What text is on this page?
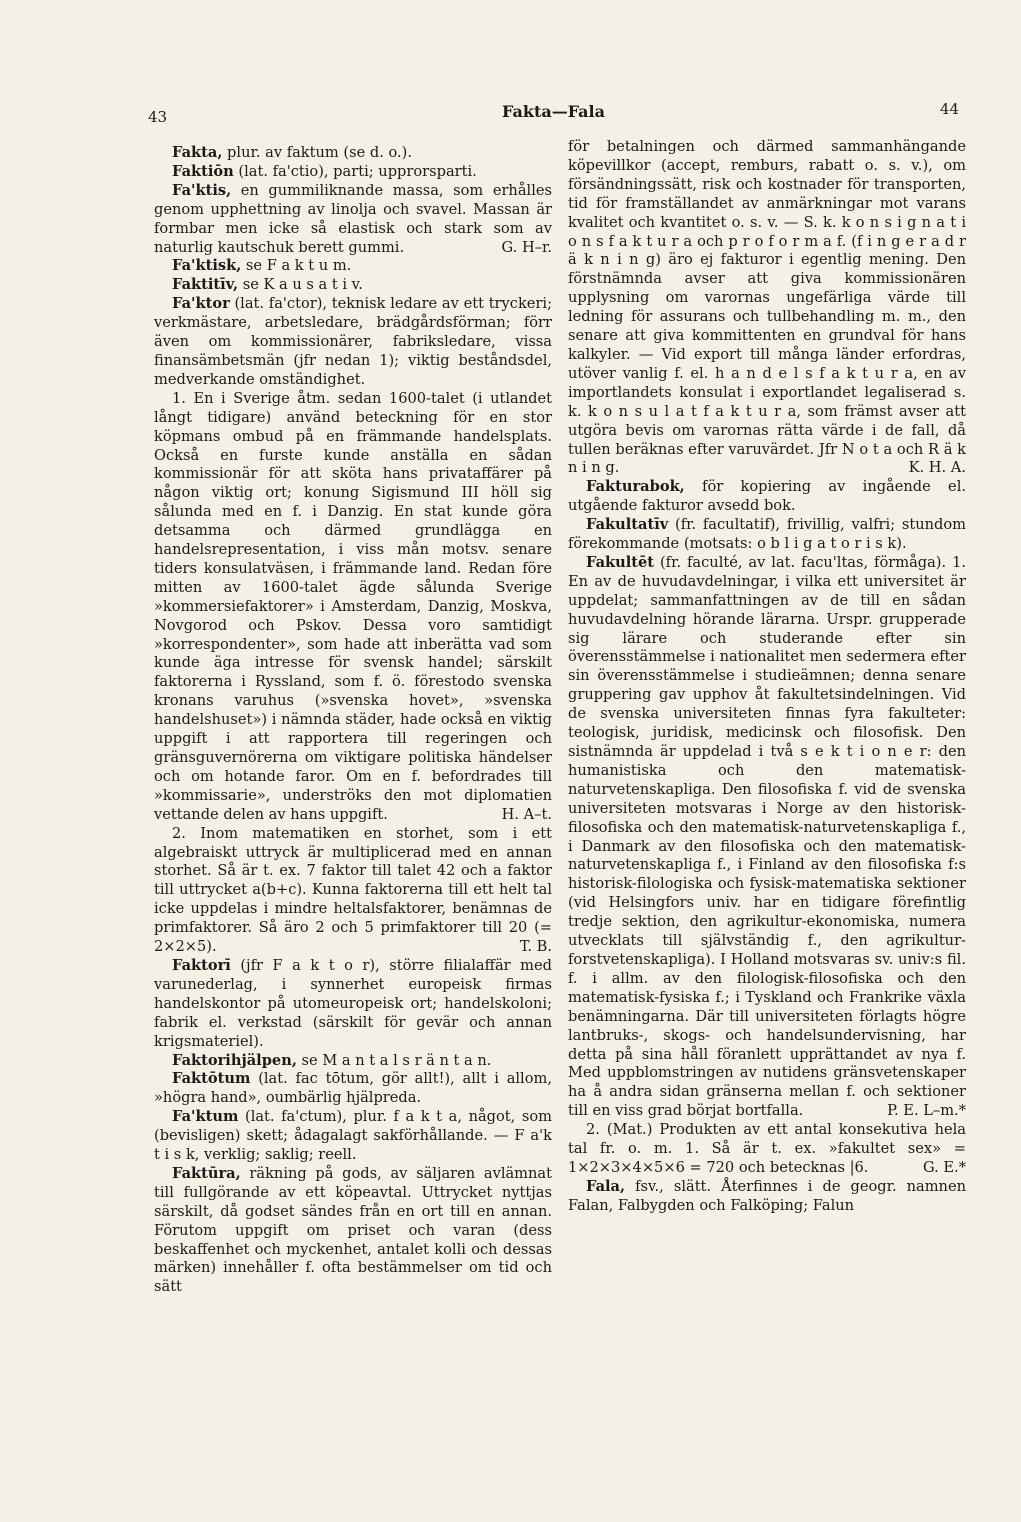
43	Fakta—Fala	44

Fakta, plur. av faktum (se d. o.).

Faktiōn (lat. fa'ctio), parti; upprorsparti.

Fa'ktis, en gummiliknande massa, som erhålles genom upphettning av linolja och svavel. Massan är formbar men icke så elastisk och stark som av naturlig kautschuk berett gummi.	G. H–r.

Fa'ktisk, se F a k t u m.

Faktitīv, se K a u s a t i v.

Fa'ktor (lat. fa'ctor), teknisk ledare av ett tryckeri; verkmästare, arbetsledare, brädgårdsförman; förr även om kommissionärer, fabriksledare, vissa finansämbetsmän (jfr nedan 1); viktig beståndsdel, medverkande omständighet.

1. En i Sverige åtm. sedan 1600-talet (i utlandet långt tidigare) använd beteckning för en stor köpmans ombud på en främmande handelsplats. Också en furste kunde anställa en sådan kommissionär för att sköta hans privataffärer på någon viktig ort; konung Sigismund III höll sig sålunda med en f. i Danzig. En stat kunde göra detsamma och därmed grundlägga en handelsrepresentation, i viss mån motsv. senare tiders konsulatväsen, i främmande land. Redan före mitten av 1600-talet ägde sålunda Sverige »kommersiefaktorer» i Amsterdam, Danzig, Moskva, Novgorod och Pskov. Dessa voro samtidigt »korrespondenter», som hade att inberätta vad som kunde äga intresse för svensk handel; särskilt faktorerna i Ryssland, som f. ö. förestodo svenska kronans varuhus (»svenska hovet», »svenska handelshuset») i nämnda städer, hade också en viktig uppgift i att rapportera till regeringen och gränsguvernörerna om viktigare politiska händelser och om hotande faror. Om en f. befordrades till »kommissarie», underströks den mot diplomatien vettande delen av hans uppgift.	H. A–t.

2. Inom matematiken en storhet, som i ett algebraiskt uttryck är multiplicerad med en annan storhet. Så är t. ex. 7 faktor till talet 42 och a faktor till uttrycket a(b+c). Kunna faktorerna till ett helt tal icke uppdelas i mindre heltalsfaktorer, benämnas de primfaktorer. Så äro 2 och 5 primfaktorer till 20 (= 2×2×5).	T. B.

Faktorī (jfr F a k t o r), större filialaffär med varunederlag, i synnerhet europeisk firmas handelskontor på utomeuropeisk ort; handelskoloni; fabrik el. verkstad (särskilt för gevär och annan krigsmateriel).

Faktorihjälpen, se M a n t a l s r ä n t a n.

Faktōtum (lat. fac tōtum, gör allt!), allt i allom, »högra hand», oumbärlig hjälpreda.

Fa'ktum (lat. fa'ctum), plur. f a k t a, något, som (bevisligen) skett; ådagalagt sakförhållande. — F a'k t i s k, verklig; saklig; reell.

Faktūra, räkning på gods, av säljaren avlämnat till fullgörande av ett köpeavtal. Uttrycket nyttjas särskilt, då godset sändes från en ort till en annan. Förutom uppgift om priset och varan (dess beskaffenhet och myckenhet, antalet kolli och dessas märken) innehåller f. ofta bestämmelser om tid och sätt

för betalningen och därmed sammanhängande köpevillkor (accept, remburs, rabatt o. s. v.), om försändningssätt, risk och kostnader för transporten, tid för framställandet av anmärkningar mot varans kvalitet och kvantitet o. s. v. — S. k. k o n s i g n a t i o n s f a k t u r a och p r o f o r m a f. (f i n g e r a d r ä k n i n g) äro ej fakturor i egentlig mening. Den förstnämnda avser att giva kommissionären upplysning om varornas ungefärliga värde till ledning för assurans och tullbehandling m. m., den senare att giva kommittenten en grundval för hans kalkyler. — Vid export till många länder erfordras, utöver vanlig f. el. h a n d e l s f a k t u r a, en av importlandets konsulat i exportlandet legaliserad s. k. k o n s u l a t f a k t u r a, som främst avser att utgöra bevis om varornas rätta värde i de fall, då tullen beräknas efter varuvärdet. Jfr N o t a och R ä k n i n g.	K. H. A.

Fakturabok, för kopiering av ingående el. utgående fakturor avsedd bok.

Fakultatīv (fr. facultatif), frivillig, valfri; stundom förekommande (motsats: o b l i g a t o r i s k).

Fakultēt (fr. faculté, av lat. facu'ltas, förmåga). 1. En av de huvudavdelningar, i vilka ett universitet är uppdelat; sammanfattningen av de till en sådan huvudavdelning hörande lärarna. Urspr. grupperade sig lärare och studerande efter sin överensstämmelse i nationalitet men sedermera efter sin överensstämmelse i studieämnen; denna senare gruppering gav upphov åt fakultetsindelningen. Vid de svenska universiteten finnas fyra fakulteter: teologisk, juridisk, medicinsk och filosofisk. Den sistnämnda är uppdelad i två s e k t i o n e r: den humanistiska och den matematisk-naturvetenskapliga. Den filosofiska f. vid de svenska universiteten motsvaras i Norge av den historisk-filosofiska och den matematisk-naturvetenskapliga f., i Danmark av den filosofiska och den matematisk-naturvetenskapliga f., i Finland av den filosofiska f:s historisk-filologiska och fysisk-matematiska sektioner (vid Helsingfors univ. har en tidigare förefintlig tredje sektion, den agrikultur-ekonomiska, numera utvecklats till självständig f., den agrikultur-forstvetenskapliga). I Holland motsvaras sv. univ:s fil. f. i allm. av den filologisk-filosofiska och den matematisk-fysiska f.; i Tyskland och Frankrike växla benämningarna. Där till universiteten förlagts högre lantbruks-, skogs- och handelsundervisning, har detta på sina håll föranlett upprättandet av nya f. Med uppblomstringen av nutidens gränsvetenskaper ha å andra sidan gränserna mellan f. och sektioner till en viss grad börjat bortfalla.	P. E. L–m.*

2. (Mat.) Produkten av ett antal konsekutiva hela tal fr. o. m. 1. Så är t. ex. »fakultet sex» = 1×2×3×4×5×6 = 720 och betecknas |6.	G. E.*

Fala, fsv., slätt. Återfinnes i de geogr. namnen Falan, Falbygden och Falköping; Falun
